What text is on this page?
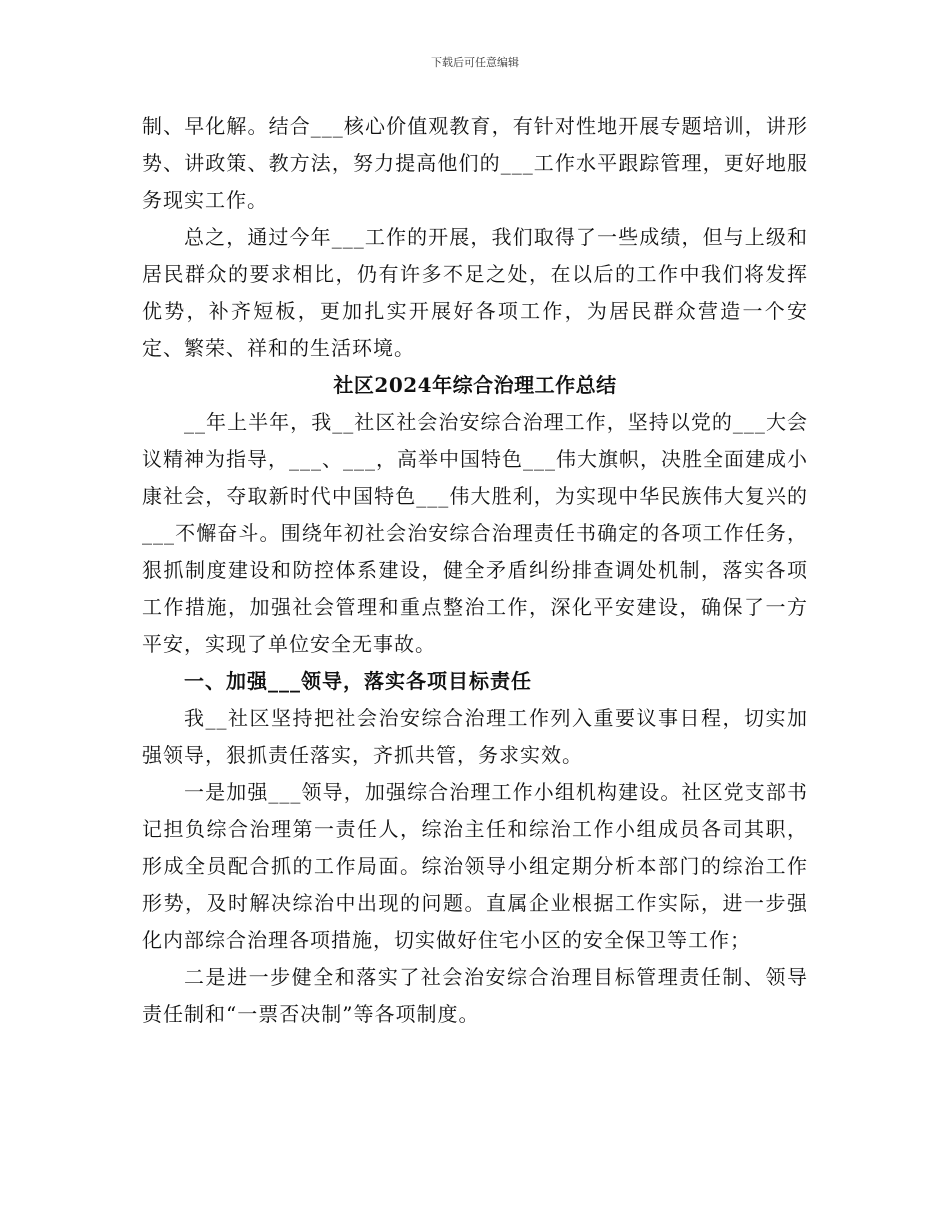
下载后可任意编辑

制、早化解。结合___核心价值观教育，有针对性地开展专题培训，讲形势、讲政策、教方法，努力提高他们的___工作水平跟踪管理，更好地服务现实工作。

总之，通过今年___工作的开展，我们取得了一些成绩，但与上级和居民群众的要求相比，仍有许多不足之处，在以后的工作中我们将发挥优势，补齐短板，更加扎实开展好各项工作，为居民群众营造一个安定、繁荣、祥和的生活环境。

社区2024年综合治理工作总结

__年上半年，我__社区社会治安综合治理工作，坚持以党的___大会议精神为指导，___、___，高举中国特色___伟大旗帜，决胜全面建成小康社会，夺取新时代中国特色___伟大胜利，为实现中华民族伟大复兴的___不懈奋斗。围绕年初社会治安综合治理责任书确定的各项工作任务，狠抓制度建设和防控体系建设，健全矛盾纠纷排查调处机制，落实各项工作措施，加强社会管理和重点整治工作，深化平安建设，确保了一方平安，实现了单位安全无事故。

一、加强___领导，落实各项目标责任

我__社区坚持把社会治安综合治理工作列入重要议事日程，切实加强领导，狠抓责任落实，齐抓共管，务求实效。

一是加强___领导，加强综合治理工作小组机构建设。社区党支部书记担负综合治理第一责任人，综治主任和综治工作小组成员各司其职，形成全员配合抓的工作局面。综治领导小组定期分析本部门的综治工作形势，及时解决综治中出现的问题。直属企业根据工作实际，进一步强化内部综合治理各项措施，切实做好住宅小区的安全保卫等工作；

二是进一步健全和落实了社会治安综合治理目标管理责任制、领导责任制和“一票否决制”等各项制度。
